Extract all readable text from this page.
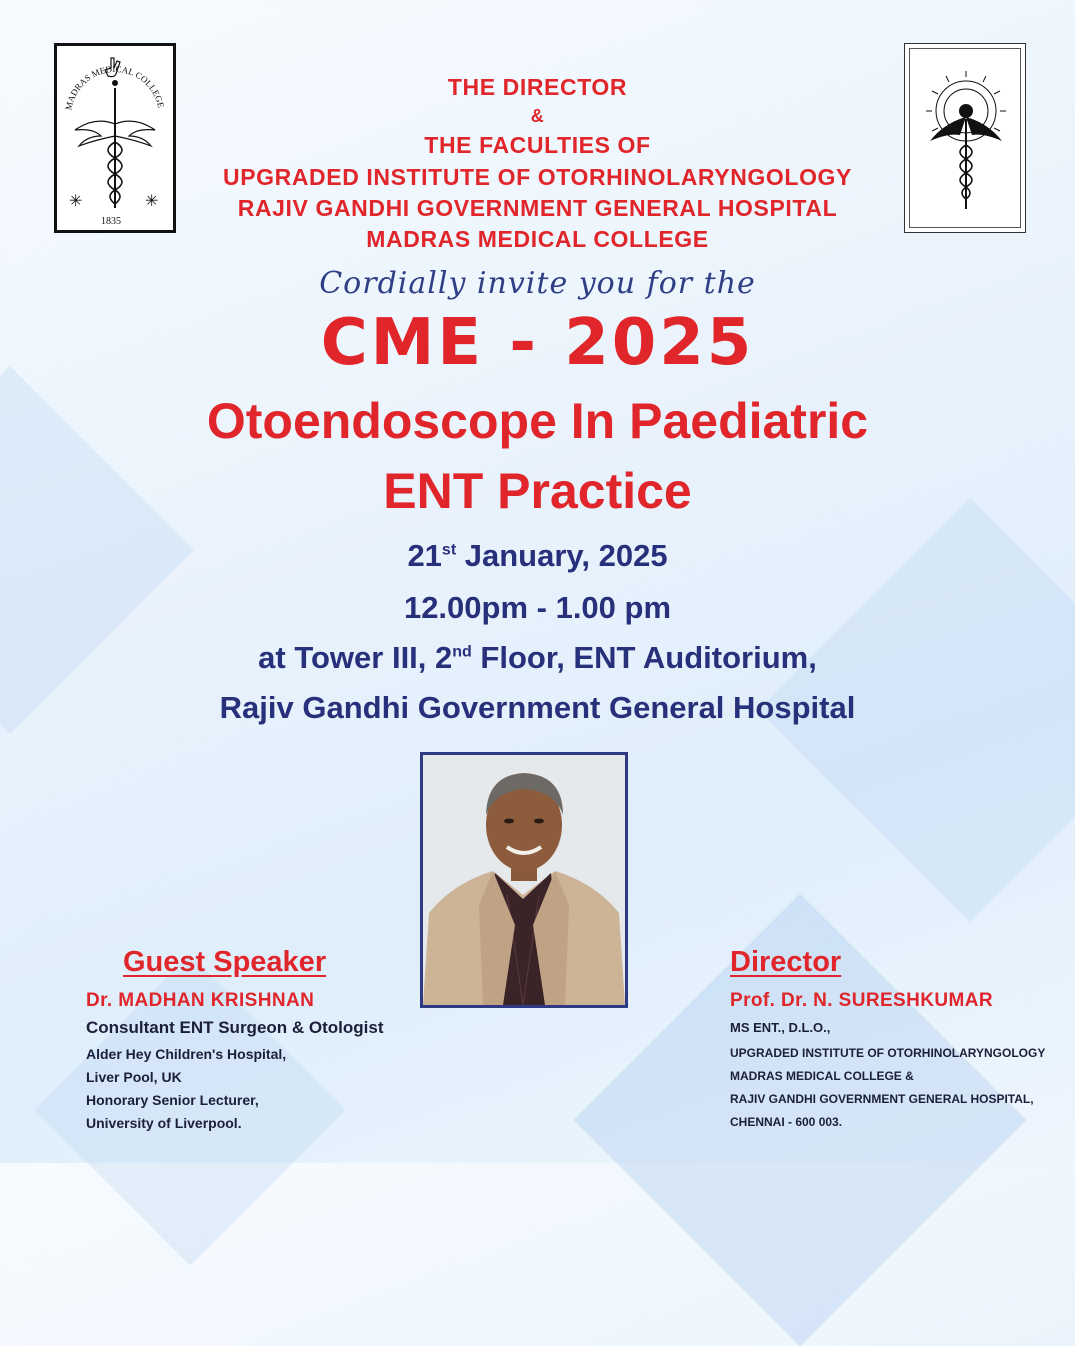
MADRAS MEDICAL COLLEGE
✳	✳
1835
THE DIRECTOR
&
THE FACULTIES OF
UPGRADED INSTITUTE OF OTORHINOLARYNGOLOGY
RAJIV GANDHI GOVERNMENT GENERAL HOSPITAL
MADRAS MEDICAL COLLEGE
Cordially invite you for the
CME - 2025
Otoendoscope In Paediatric
ENT Practice
21st January, 2025
12.00pm - 1.00 pm
at Tower III, 2nd Floor, ENT Auditorium,
Rajiv Gandhi Government General Hospital
Guest Speaker
Dr. MADHAN KRISHNAN
Consultant ENT Surgeon & Otologist
Alder Hey Children's Hospital,
Liver Pool, UK
Honorary Senior Lecturer,
University of Liverpool.
Director
Prof. Dr. N. SURESHKUMAR
MS ENT., D.L.O.,
UPGRADED INSTITUTE OF OTORHINOLARYNGOLOGY
MADRAS MEDICAL COLLEGE &
RAJIV GANDHI GOVERNMENT GENERAL HOSPITAL,
CHENNAI - 600 003.
